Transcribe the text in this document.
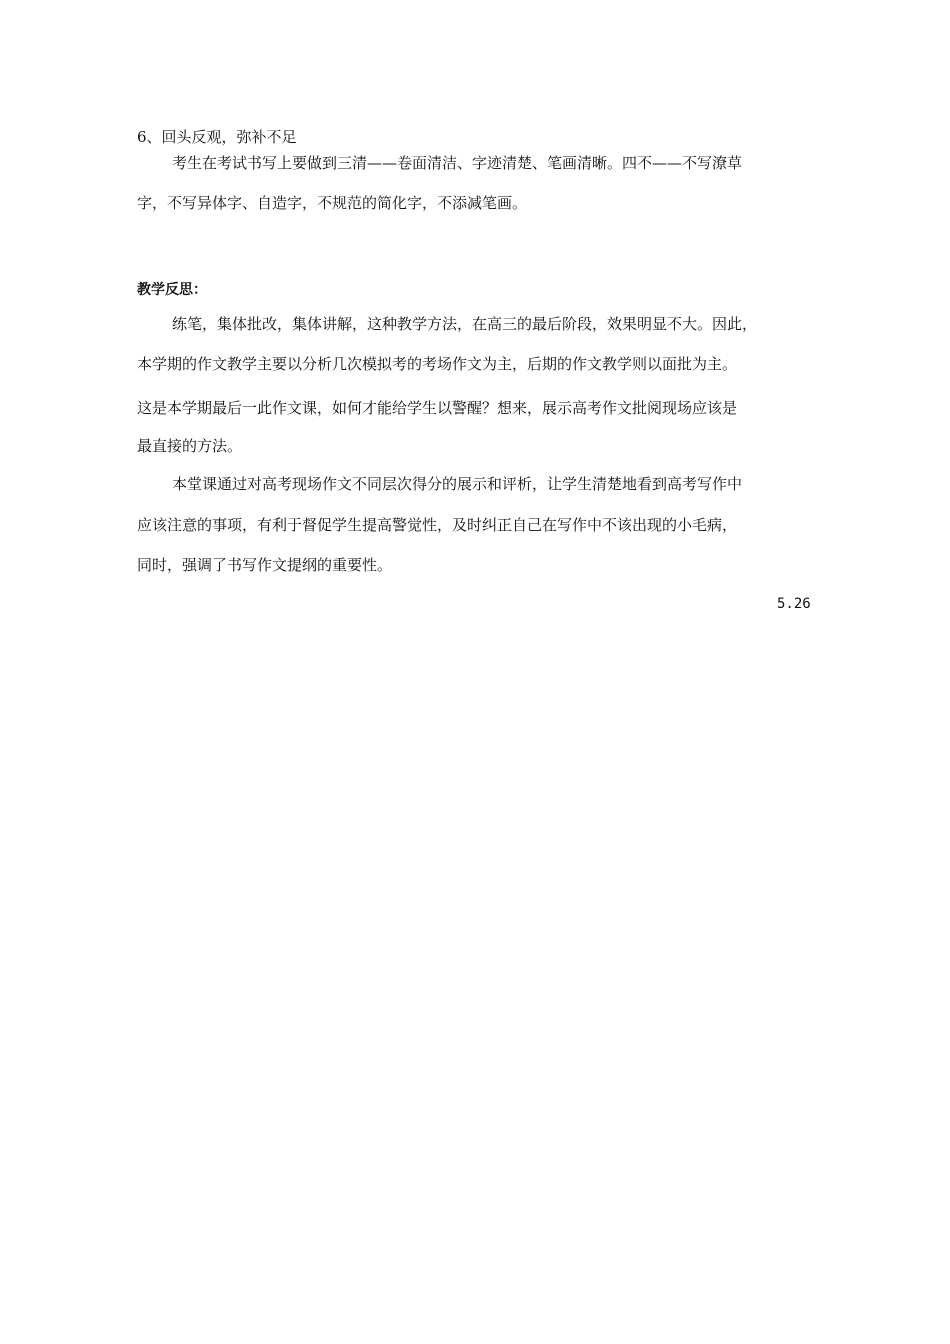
6、回头反观，弥补不足
考生在考试书写上要做到三清——卷面清洁、字迹清楚、笔画清晰。四不——不写潦草
字，不写异体字、自造字，不规范的简化字，不添减笔画。
教学反思：
练笔，集体批改，集体讲解，这种教学方法，在高三的最后阶段，效果明显不大。因此，
本学期的作文教学主要以分析几次模拟考的考场作文为主，后期的作文教学则以面批为主。
这是本学期最后一此作文课，如何才能给学生以警醒？想来，展示高考作文批阅现场应该是
最直接的方法。
本堂课通过对高考现场作文不同层次得分的展示和评析，让学生清楚地看到高考写作中
应该注意的事项，有利于督促学生提高警觉性，及时纠正自己在写作中不该出现的小毛病，
同时，强调了书写作文提纲的重要性。
5.26
